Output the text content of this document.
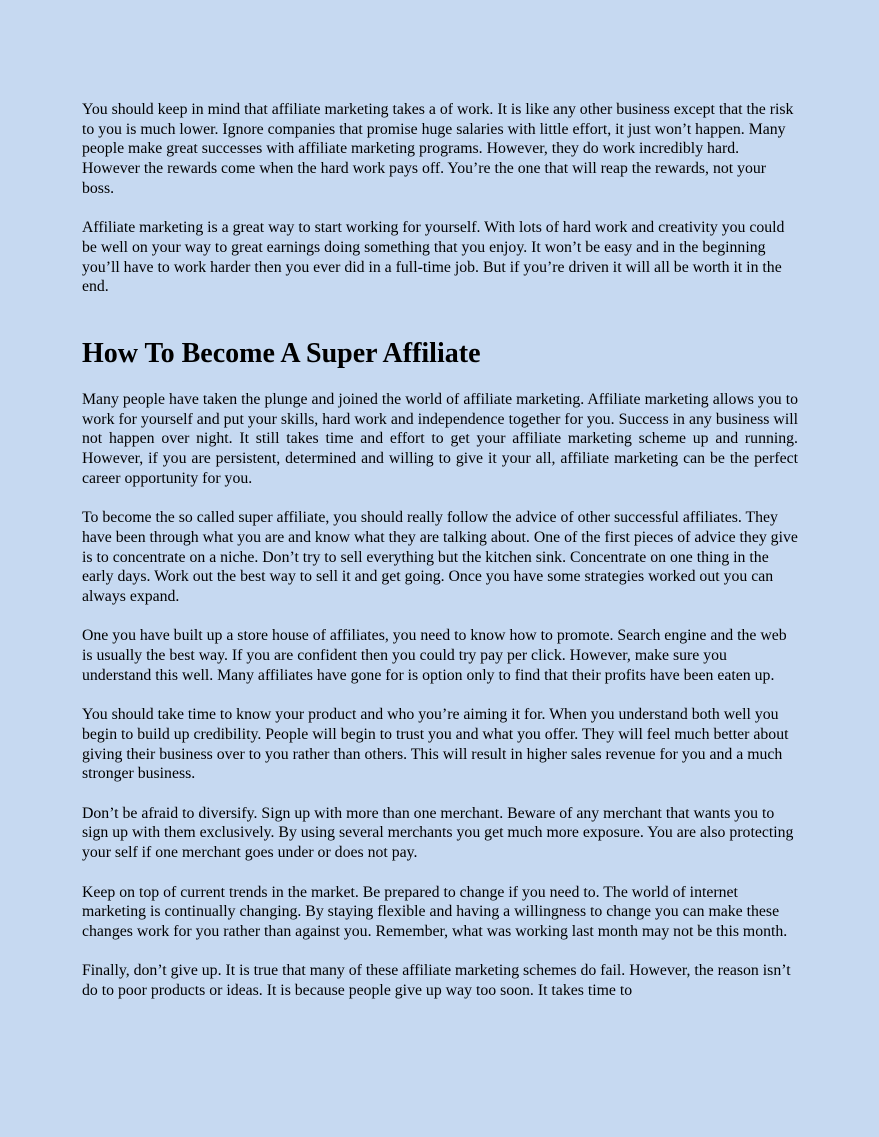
You should keep in mind that affiliate marketing takes a of work. It is like any other business except that the risk to you is much lower. Ignore companies that promise huge salaries with little effort, it just won’t happen. Many people make great successes with affiliate marketing programs. However, they do work incredibly hard. However the rewards come when the hard work pays off. You’re the one that will reap the rewards, not your boss.

Affiliate marketing is a great way to start working for yourself. With lots of hard work and creativity you could be well on your way to great earnings doing something that you enjoy. It won’t be easy and in the beginning you’ll have to work harder then you ever did in a full-time job. But if you’re driven it will all be worth it in the end.

How To Become A Super Affiliate

Many people have taken the plunge and joined the world of affiliate marketing. Affiliate marketing allows you to work for yourself and put your skills, hard work and independence together for you. Success in any business will not happen over night. It still takes time and effort to get your affiliate marketing scheme up and running. However, if you are persistent, determined and willing to give it your all, affiliate marketing can be the perfect career opportunity for you.

To become the so called super affiliate, you should really follow the advice of other successful affiliates. They have been through what you are and know what they are talking about. One of the first pieces of advice they give is to concentrate on a niche. Don’t try to sell everything but the kitchen sink. Concentrate on one thing in the early days. Work out the best way to sell it and get going. Once you have some strategies worked out you can always expand.

One you have built up a store house of affiliates, you need to know how to promote. Search engine and the web is usually the best way. If you are confident then you could try pay per click. However, make sure you understand this well. Many affiliates have gone for is option only to find that their profits have been eaten up.

You should take time to know your product and who you’re aiming it for. When you understand both well you begin to build up credibility. People will begin to trust you and what you offer. They will feel much better about giving their business over to you rather than others. This will result in higher sales revenue for you and a much stronger business.

Don’t be afraid to diversify. Sign up with more than one merchant. Beware of any merchant that wants you to sign up with them exclusively. By using several merchants you get much more exposure. You are also protecting your self if one merchant goes under or does not pay.

Keep on top of current trends in the market. Be prepared to change if you need to. The world of internet marketing is continually changing. By staying flexible and having a willingness to change you can make these changes work for you rather than against you. Remember, what was working last month may not be this month.

Finally, don’t give up. It is true that many of these affiliate marketing schemes do fail. However, the reason isn’t do to poor products or ideas. It is because people give up way too soon. It takes time to
